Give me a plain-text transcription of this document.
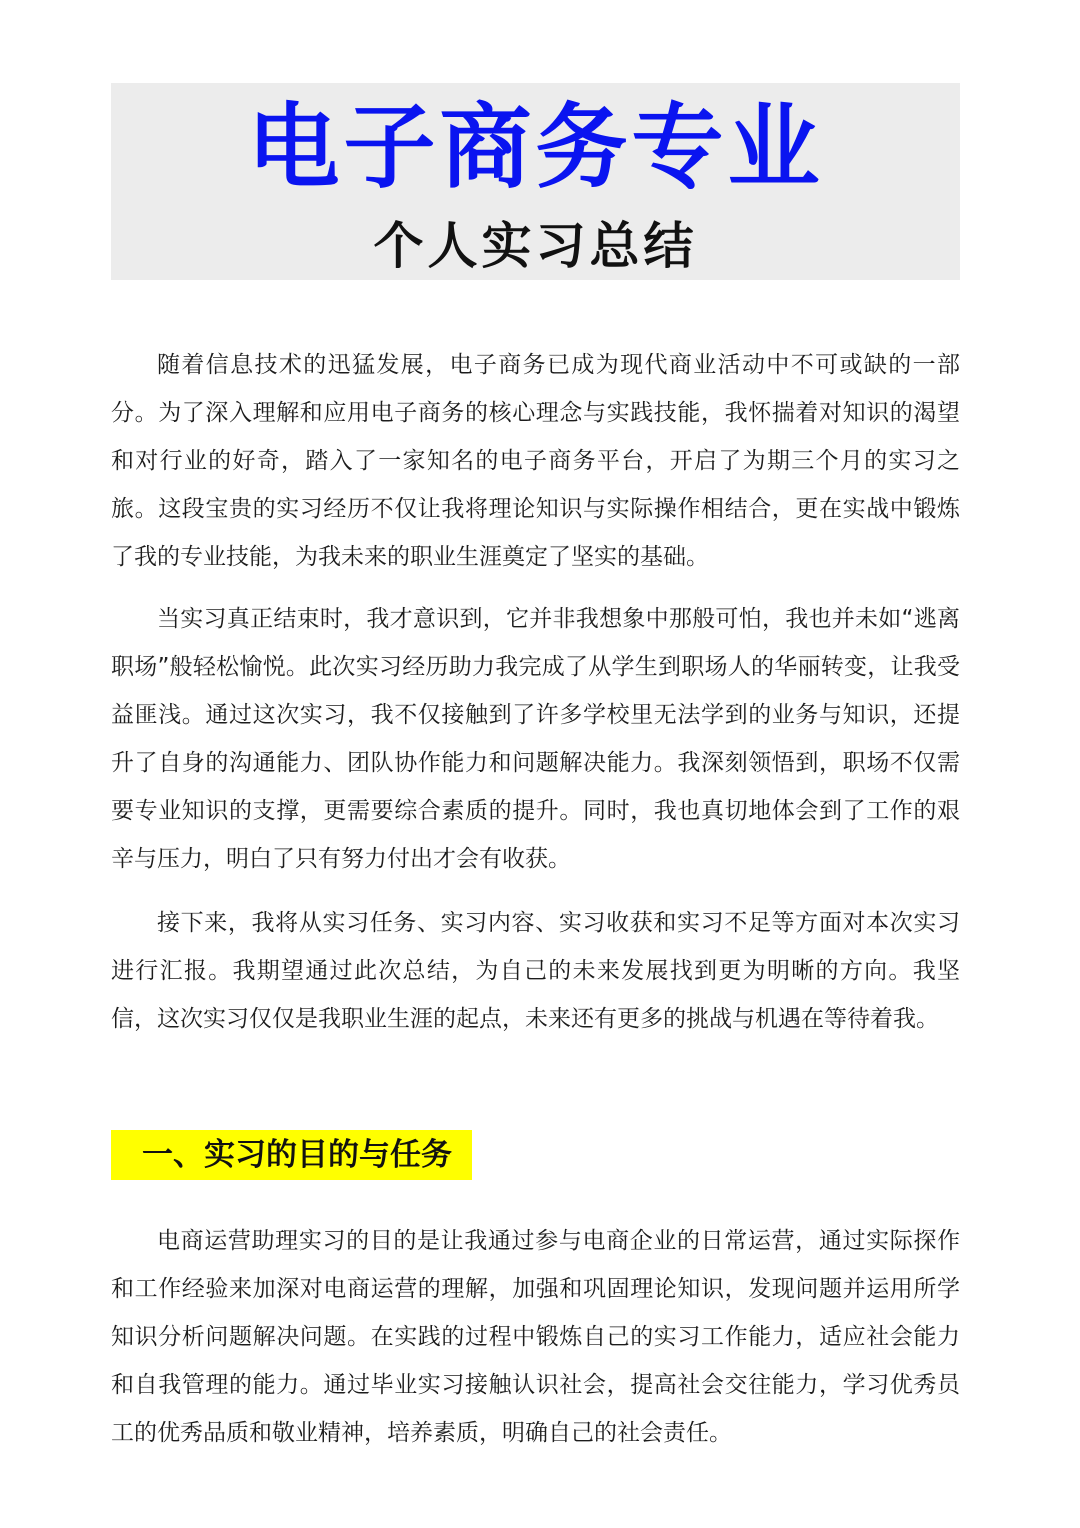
电子商务专业
个人实习总结

随着信息技术的迅猛发展，电子商务已成为现代商业活动中不可或缺的一部分。为了深入理解和应用电子商务的核心理念与实践技能，我怀揣着对知识的渴望和对行业的好奇，踏入了一家知名的电子商务平台，开启了为期三个月的实习之旅。这段宝贵的实习经历不仅让我将理论知识与实际操作相结合，更在实战中锻炼了我的专业技能，为我未来的职业生涯奠定了坚实的基础。

当实习真正结束时，我才意识到，它并非我想象中那般可怕，我也并未如“逃离职场”般轻松愉悦。此次实习经历助力我完成了从学生到职场人的华丽转变，让我受益匪浅。通过这次实习，我不仅接触到了许多学校里无法学到的业务与知识，还提升了自身的沟通能力、团队协作能力和问题解决能力。我深刻领悟到，职场不仅需要专业知识的支撑，更需要综合素质的提升。同时，我也真切地体会到了工作的艰辛与压力，明白了只有努力付出才会有收获。

接下来，我将从实习任务、实习内容、实习收获和实习不足等方面对本次实习进行汇报。我期望通过此次总结，为自己的未来发展找到更为明晰的方向。我坚信，这次实习仅仅是我职业生涯的起点，未来还有更多的挑战与机遇在等待着我。

一、实习的目的与任务

电商运营助理实习的目的是让我通过参与电商企业的日常运营，通过实际探作和工作经验来加深对电商运营的理解，加强和巩固理论知识，发现问题并运用所学知识分析问题解决问题。在实践的过程中锻炼自己的实习工作能力，适应社会能力和自我管理的能力。通过毕业实习接触认识社会，提高社会交往能力，学习优秀员工的优秀品质和敬业精神，培养素质，明确自己的社会责任。
